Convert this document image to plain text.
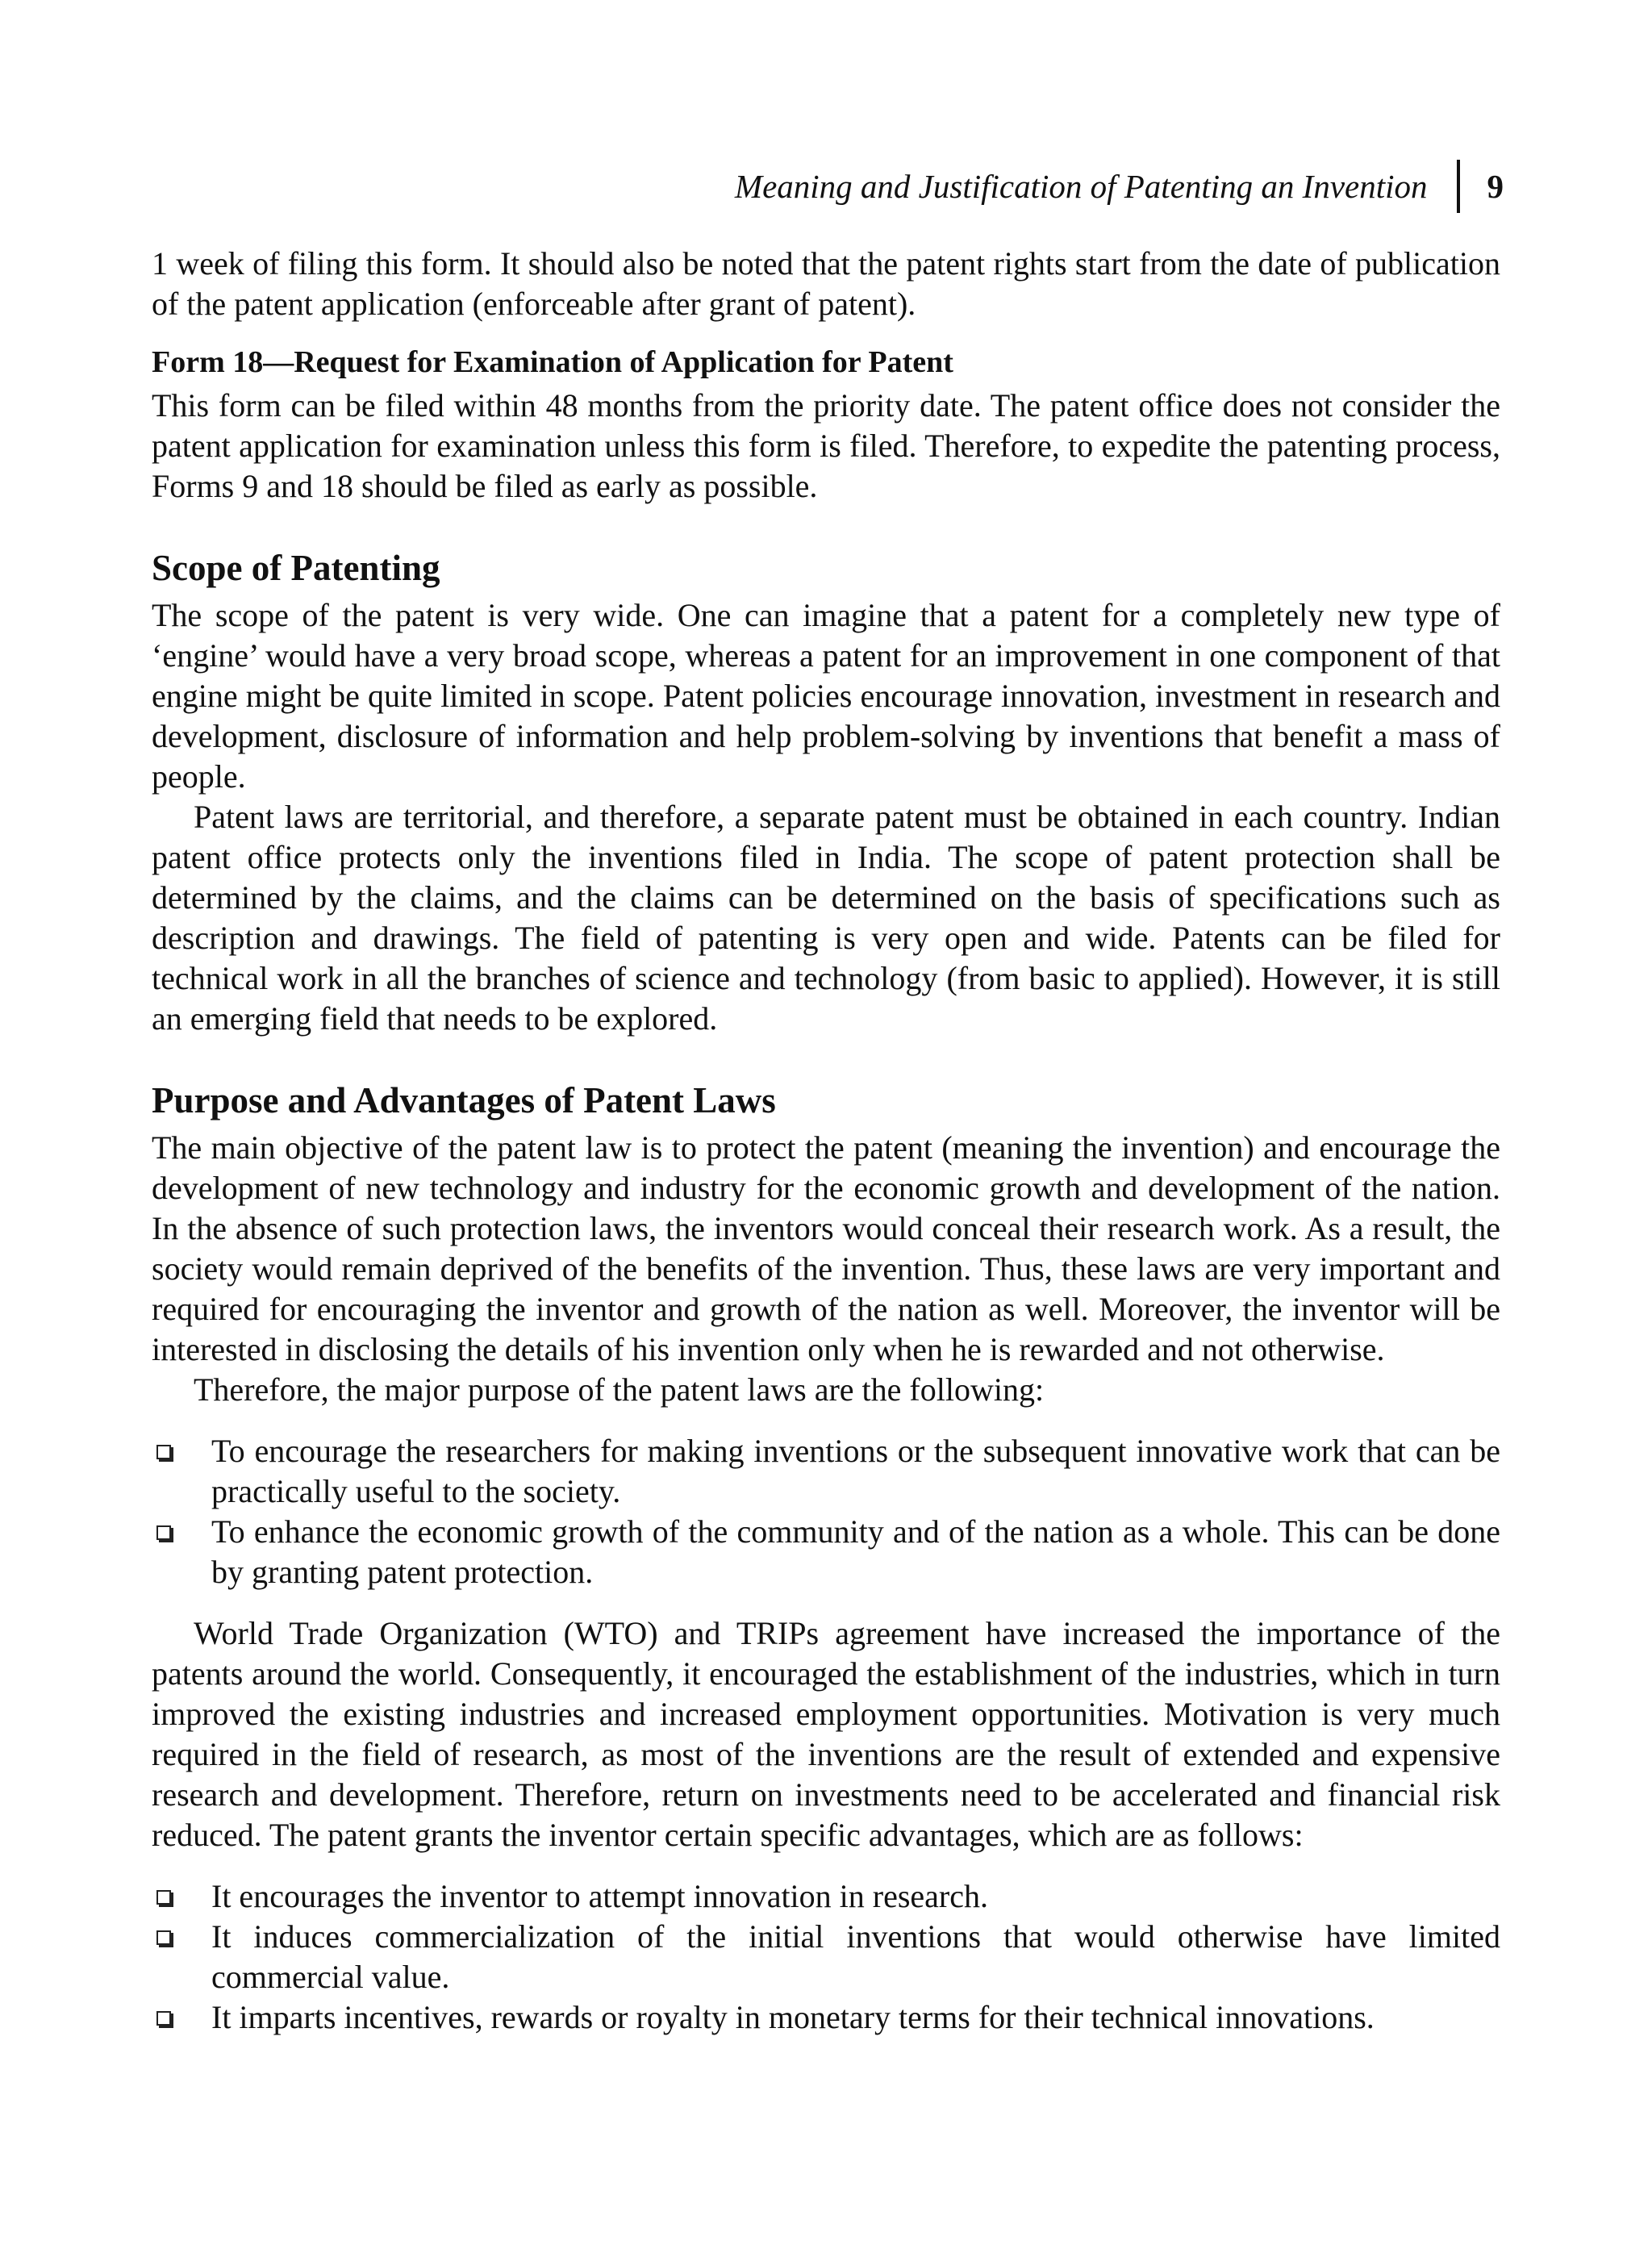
Meaning and Justification of Patenting an Invention	9

1 week of filing this form. It should also be noted that the patent rights start from the date of publication of the patent application (enforceable after grant of patent).

Form 18—Request for Examination of Application for Patent

This form can be filed within 48 months from the priority date. The patent office does not consider the patent application for examination unless this form is filed. Therefore, to expedite the patenting process, Forms 9 and 18 should be filed as early as possible.

Scope of Patenting

The scope of the patent is very wide. One can imagine that a patent for a completely new type of ‘engine’ would have a very broad scope, whereas a patent for an improvement in one component of that engine might be quite limited in scope. Patent policies encourage innovation, investment in research and development, disclosure of information and help problem-solving by inventions that benefit a mass of people.

Patent laws are territorial, and therefore, a separate patent must be obtained in each country. Indian patent office protects only the inventions filed in India. The scope of patent protection shall be determined by the claims, and the claims can be determined on the basis of specifications such as description and drawings. The field of patenting is very open and wide. Patents can be filed for technical work in all the branches of science and technology (from basic to applied). However, it is still an emerging field that needs to be explored.

Purpose and Advantages of Patent Laws

The main objective of the patent law is to protect the patent (meaning the invention) and encourage the development of new technology and industry for the economic growth and development of the nation. In the absence of such protection laws, the inventors would conceal their research work. As a result, the society would remain deprived of the benefits of the invention. Thus, these laws are very important and required for encouraging the inventor and growth of the nation as well. Moreover, the inventor will be interested in disclosing the details of his invention only when he is rewarded and not otherwise.

Therefore, the major purpose of the patent laws are the following:

To encourage the researchers for making inventions or the subsequent innovative work that can be practically useful to the society.
To enhance the economic growth of the community and of the nation as a whole. This can be done by granting patent protection.

World Trade Organization (WTO) and TRIPs agreement have increased the importance of the patents around the world. Consequently, it encouraged the establishment of the industries, which in turn improved the existing industries and increased employment opportunities. Motivation is very much required in the field of research, as most of the inventions are the result of extended and expensive research and development. Therefore, return on investments need to be accelerated and financial risk reduced. The patent grants the inventor certain specific advantages, which are as follows:

It encourages the inventor to attempt innovation in research.
It induces commercialization of the initial inventions that would otherwise have limited commercial value.
It imparts incentives, rewards or royalty in monetary terms for their technical innovations.
